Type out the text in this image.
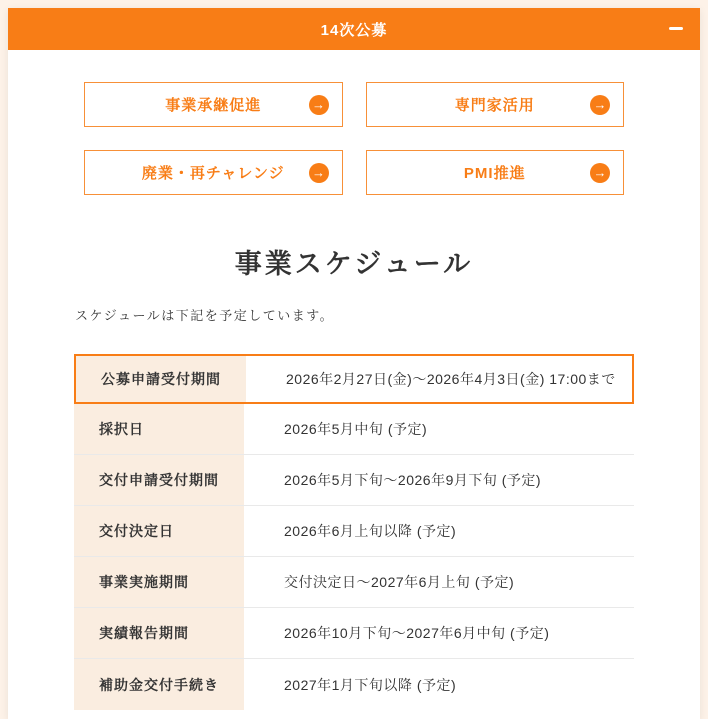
14次公募
事業承継促進	→	専門家活用	→
廃業・再チャレンジ →	PMI推進	→
事業スケジュール

スケジュールは下記を予定しています。

公募申請受付期間	2026年2月27日(金)〜2026年4月3日(金) 17:00まで
採択日	2026年5月中旬 (予定)
交付申請受付期間	2026年5月下旬〜2026年9月下旬 (予定)
交付決定日	2026年6月上旬以降 (予定)
事業実施期間	交付決定日〜2027年6月上旬 (予定)
実績報告期間	2026年10月下旬〜2027年6月中旬 (予定)
補助金交付手続き	2027年1月下旬以降 (予定)
